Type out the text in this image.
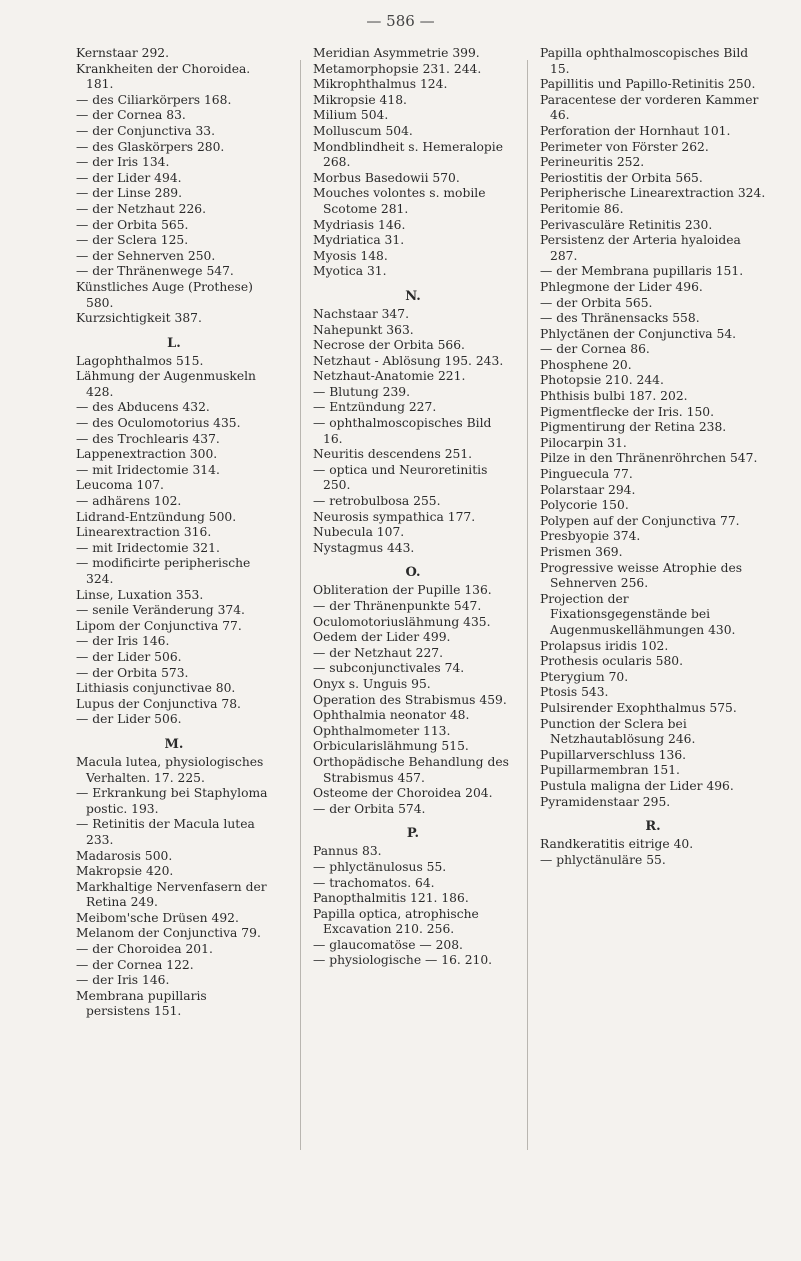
— 586 —
Kernstaar 292.
Krankheiten der Choroidea. 181.
— des Ciliarkörpers 168.
— der Cornea 83.
— der Conjunctiva 33.
— des Glaskörpers 280.
— der Iris 134.
— der Lider 494.
— der Linse 289.
— der Netzhaut 226.
— der Orbita 565.
— der Sclera 125.
— der Sehnerven 250.
— der Thränenwege 547.
Künstliches Auge (Prothese) 580.
Kurzsichtigkeit 387.
L.
Lagophthalmos 515.
Lähmung der Augenmuskeln 428.
— des Abducens 432.
— des Oculomotorius 435.
— des Trochlearis 437.
Lappenextraction 300.
— mit Iridectomie 314.
Leucoma 107.
— adhärens 102.
Lidrand-Entzündung 500.
Linearextraction 316.
— mit Iridectomie 321.
— modificirte peripherische 324.
Linse, Luxation 353.
— senile Veränderung 374.
Lipom der Conjunctiva 77.
— der Iris 146.
— der Lider 506.
— der Orbita 573.
Lithiasis conjunctivae 80.
Lupus der Conjunctiva 78.
— der Lider 506.
M.
Macula lutea, physiologisches Verhalten. 17. 225.
— Erkrankung bei Staphyloma postic. 193.
— Retinitis der Macula lutea 233.
Madarosis 500.
Makropsie 420.
Markhaltige Nervenfasern der Retina 249.
Meibom'sche Drüsen 492.
Melanom der Conjunctiva 79.
— der Choroidea 201.
— der Cornea 122.
— der Iris 146.
Membrana pupillaris persistens 151.
Meridian Asymmetrie 399.
Metamorphopsie 231. 244.
Mikrophthalmus 124.
Mikropsie 418.
Milium 504.
Molluscum 504.
Mondblindheit s. Hemeralopie 268.
Morbus Basedowii 570.
Mouches volontes s. mobile Scotome 281.
Mydriasis 146.
Mydriatica 31.
Myosis 148.
Myotica 31.
N.
Nachstaar 347.
Nahepunkt 363.
Necrose der Orbita 566.
Netzhaut - Ablösung 195. 243.
Netzhaut-Anatomie 221.
— Blutung 239.
— Entzündung 227.
— ophthalmoscopisches Bild 16.
Neuritis descendens 251.
— optica und Neuroretinitis 250.
— retrobulbosa 255.
Neurosis sympathica 177.
Nubecula 107.
Nystagmus 443.
O.
Obliteration der Pupille 136.
— der Thränenpunkte 547.
Oculomotoriuslähmung 435.
Oedem der Lider 499.
— der Netzhaut 227.
— subconjunctivales 74.
Onyx s. Unguis 95.
Operation des Strabismus 459.
Ophthalmia neonator 48.
Ophthalmometer 113.
Orbicularislähmung 515.
Orthopädische Behandlung des Strabismus 457.
Osteome der Choroidea 204.
— der Orbita 574.
P.
Pannus 83.
— phlyctänulosus 55.
— trachomatos. 64.
Panopthalmitis 121. 186.
Papilla optica, atrophische Excavation 210. 256.
— glaucomatöse — 208.
— physiologische — 16. 210.
Papilla ophthalmoscopisches Bild 15.
Papillitis und Papillo-Retinitis 250.
Paracentese der vorderen Kammer 46.
Perforation der Hornhaut 101.
Perimeter von Förster 262.
Perineuritis 252.
Periostitis der Orbita 565.
Peripherische Linearextraction 324.
Peritomie 86.
Perivasculäre Retinitis 230.
Persistenz der Arteria hyaloidea 287.
— der Membrana pupillaris 151.
Phlegmone der Lider 496.
— der Orbita 565.
— des Thränensacks 558.
Phlyctänen der Conjunctiva 54.
— der Cornea 86.
Phosphene 20.
Photopsie 210. 244.
Phthisis bulbi 187. 202.
Pigmentflecke der Iris. 150.
Pigmentirung der Retina 238.
Pilocarpin 31.
Pilze in den Thränenröhrchen 547.
Pinguecula 77.
Polarstaar 294.
Polycorie 150.
Polypen auf der Conjunctiva 77.
Presbyopie 374.
Prismen 369.
Progressive weisse Atrophie des Sehnerven 256.
Projection der Fixationsgegenstände bei Augenmuskellähmungen 430.
Prolapsus iridis 102.
Prothesis ocularis 580.
Pterygium 70.
Ptosis 543.
Pulsirender Exophthalmus 575.
Punction der Sclera bei Netzhautablösung 246.
Pupillarverschluss 136.
Pupillarmembran 151.
Pustula maligna der Lider 496.
Pyramidenstaar 295.
R.
Randkeratitis eitrige 40.
— phlyctänuläre 55.
